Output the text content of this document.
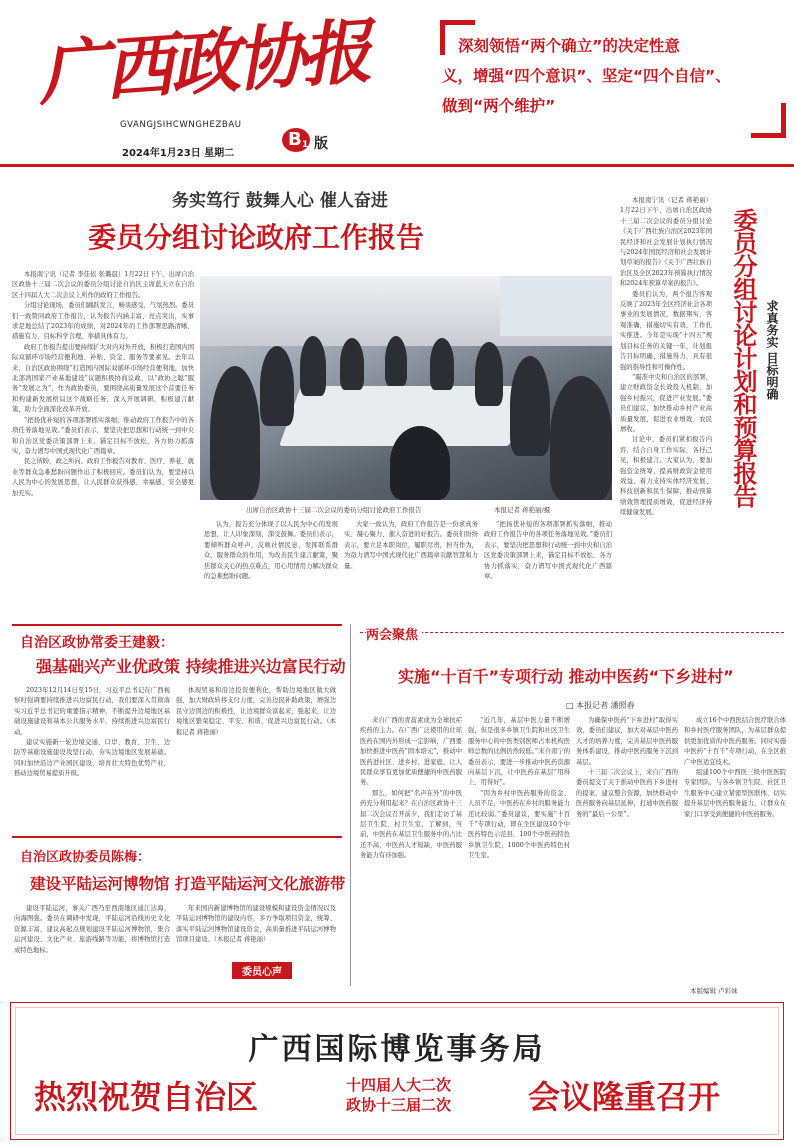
广西政协报
GVANGJSIHCWNGHEZBAU
B 1 版
2024年1月23日 星期二
深刻领悟“两个确立”的决定性意
义，增强“四个意识”、坚定“四个自信”、
做到“两个维护”
务实笃行 鼓舞人心 催人奋进
委员分组讨论政府工作报告

本报南宁讯（记者 李佳依 张璐晨）1月22日下午，出席自治区政协十三届二次会议的委员分组讨论自治区主席蓝天立在自治区十四届人大二次会议上所作的政府工作报告。

分组讨论现场，委员们踊跃发言，畅谈感受，气氛热烈。委员们一致赞同政府工作报告，认为报告内涵丰富、亮点突出，实事求是地总结了2023年的成绩，对2024年的工作部署思路清晰，措施有力，目标科学合理，举措具体有力。

政府工作报告提出要持续扩大对内对外开放，积极打造国内国际双循环市场经营便利地、补贴、资金、服务等要素见。去年以来，自治区政协围绕“打造国内国际双循环市场经营便利地，加快北部湾国家产业基地建设”议题积极协商议政，以“政协之聪”服务“发展之为”，作为政协委员，要围绕高质量发展这个首要任务和构建新发展格局这个战略任务，深入开展调研，积极建言献策，助力全面深化改革开放。

“把扬优补短的各项部署抓实落细，推动政府工作报告中的各项任务落地见效。”委员们表示，要坚决把思想和行动统一到中央和自治区党委决策部署上来，锚定目标不放松，各方协力抓落实，奋力谱写中国式现代化广西篇章。

民之所盼，政之所向。政府工作报告对教育、医疗、养老、就业等群众急难愁盼问题作出了积极回应。委员们认为，要坚持以人民为中心的发展思想，让人民群众获得感、幸福感、安全感更加充实。

出席自治区政协十三届二次会议的委员分组讨论政府工作报告	本报记者 蒋艳丽/摄

认为，报告充分体现了以人民为中心的发展思想，让人印象深刻，深受鼓舞。委员们表示，要倾听群众呼声，反映社情民意，发挥联系群众、服务群众的作用，为改善民生建言献策，聚焦群众关心的热点难点，用心用情用力解决群众的急难愁盼问题。

大家一致认为，政府工作报告是一份求真务实、凝心聚力、催人奋进的好报告。委员们纷纷表示，要立足本职岗位，履职尽责，担当作为，为奋力谱写中国式现代化广西篇章贡献智慧和力量。

“把扬优补短的各项部署抓实落细，推动政府工作报告中的各项任务落地见效。”委员们表示，要坚决把思想和行动统一到中央和自治区党委决策部署上来，锚定目标不放松，各方协力抓落实，奋力谱写中国式现代化广西篇章。

本报南宁讯（记者 蒋艳丽）1月22日下午，出席自治区政协十三届二次会议的委员分组讨论《关于广西壮族自治区2023年国民经济和社会发展计划执行情况与2024年国民经济和社会发展计划草案的报告》《关于广西壮族自治区及全区2023年预算执行情况和2024年预算草案的报告》。

委员们认为，两个报告客观反映了2023年全区经济社会各项事业的发展情况，数据翔实，客观准确，措施切实有效，工作扎实推进。今年是实现“十四五”规划目标任务的关键一年，计划报告目标明确、措施得力，具有很强的指导性和可操作性。

“瞄准中央和自治区的部署，建立财政资金长效投入机制，加强乡村振兴，促进产业发展。”委员们建议，加快推动乡村产业高质量发展，促进农业增效、农民增收。

讨论中，委员们紧扣报告内容，结合自身工作实际，各抒己见，积极建言。大家认为，要加强资金统筹，提高财政资金使用效益，着力支持实体经济发展、科技创新和民生保障，推动预算绩效管理提质增效，促进经济持续健康发展。

委员分组讨论计划和预算报告 求真务实 目标明确
自治区政协常委王建毅：
强基础兴产业优政策 持续推进兴边富民行动

2023年12月14日至15日，习近平总书记在广西视察时强调要持续推进兴边富民行动，我们要深入贯彻落实习近平总书记的重要指示精神，不断提升边境地区基础设施建设和基本公共服务水平，持续推进兴边富民行动。

建议实施新一轮边境交通、口岸、教育、卫生、边防等基础设施建设攻坚行动，夯实边境地区发展基础。同时加快沿边产业园区建设，培育壮大特色优势产业，推动边境贸易提质升级。

体现贸易和沿边投资便利化，帮助边境地区做大做强，加大财政转移支付力度，完善边民补助政策，增强边民守边固边的积极性，让边境群众富起来、强起来，让边境地区繁荣稳定、平安、和谐，促进兴边富民行动。（本报记者 蒋艳丽）

自治区政协委员陈梅：
建设平陆运河博物馆 打造平陆运河文化旅游带

建设平陆运河，事关广西乃至西南地区通江达海、向海图强。委员在调研中发现，平陆运河沿线历史文化资源丰富，建议高起点规划建设平陆运河博物馆，集合运河建设、文化产业、旅游线路等功能，将博物馆打造成特色地标。

年来国内新建博物馆的建设规模和建设资金情况以及平陆运河博物馆的建设内容，多方争取项目资金，统筹、落实平陆运河博物馆建设资金，高质量推进平陆运河博物馆项目建设。（本报记者 蒋艳丽）

委员心声
两会聚焦
实施“十百千”专项行动 推动中医药“下乡进村”
□ 本报记者 潘照春

来自广西的青蒿素成为全球抗疟疾药的主力。在广西广泛使用的壮瑶医药在国内外形成一定影响，广西要加快推进中医药“固本培元”，推动中医药进社区、进乡村、进家庭，让人民群众享有更加优质便捷的中医药服务。

那么，如何把“名声在外”的中医药充分利用起来？在自治区政协十三届二次会议召开前夕，我们走访了基层卫生院、村卫生室，了解到，当前，中医药在基层卫生服务中的占比还不高，中医药人才短缺，中医药服务能力有待加强。

“近几年，基层中医力量不断增强，但是很多乡镇卫生院和社区卫生服务中心的中医类别医师占本机构医师总数的比例仍然较低。”来自南宁的委员表示，要进一步推动中医药资源向基层下沉，让中医药在基层“用得上、用得好”。

“因为乡村中医药服务的资金、人员不足，中医药在乡村的服务能力还比较弱。”委员建议，要实施“十百千”专项行动，即在全区建设10个中医药特色示范县，100个中医药特色乡镇卫生院，1000个中医药特色村卫生室。

为确保中医药“下乡进村”取得实效，委员们建议，加大对基层中医药人才的培养力度，完善基层中医药服务体系建设，推动中医药服务下沉到基层。

十三届二次会议上，来自广西的委员提交了关于推动中医药下乡进村的提案，建议整合资源，加快推动中医药服务向基层延伸，打通中医药服务的“最后一公里”。

成立16个中西医结合医疗联合体和乡村医疗服务团队，为基层群众提供更加优质的中医药服务。同时实施中医药“十百千”专项行动，在全区推广中医适宜技术。

组建100个中西医三级中医医院专家团队，与各乡镇卫生院、社区卫生服务中心建立紧密型医联体，切实提升基层中医药服务能力，让群众在家门口享受到便捷的中医药服务。

本版编辑 卢彩妹
广西国际博览事务局
热烈祝贺自治区	十四届人大二次
政协十三届二次 会议隆重召开
